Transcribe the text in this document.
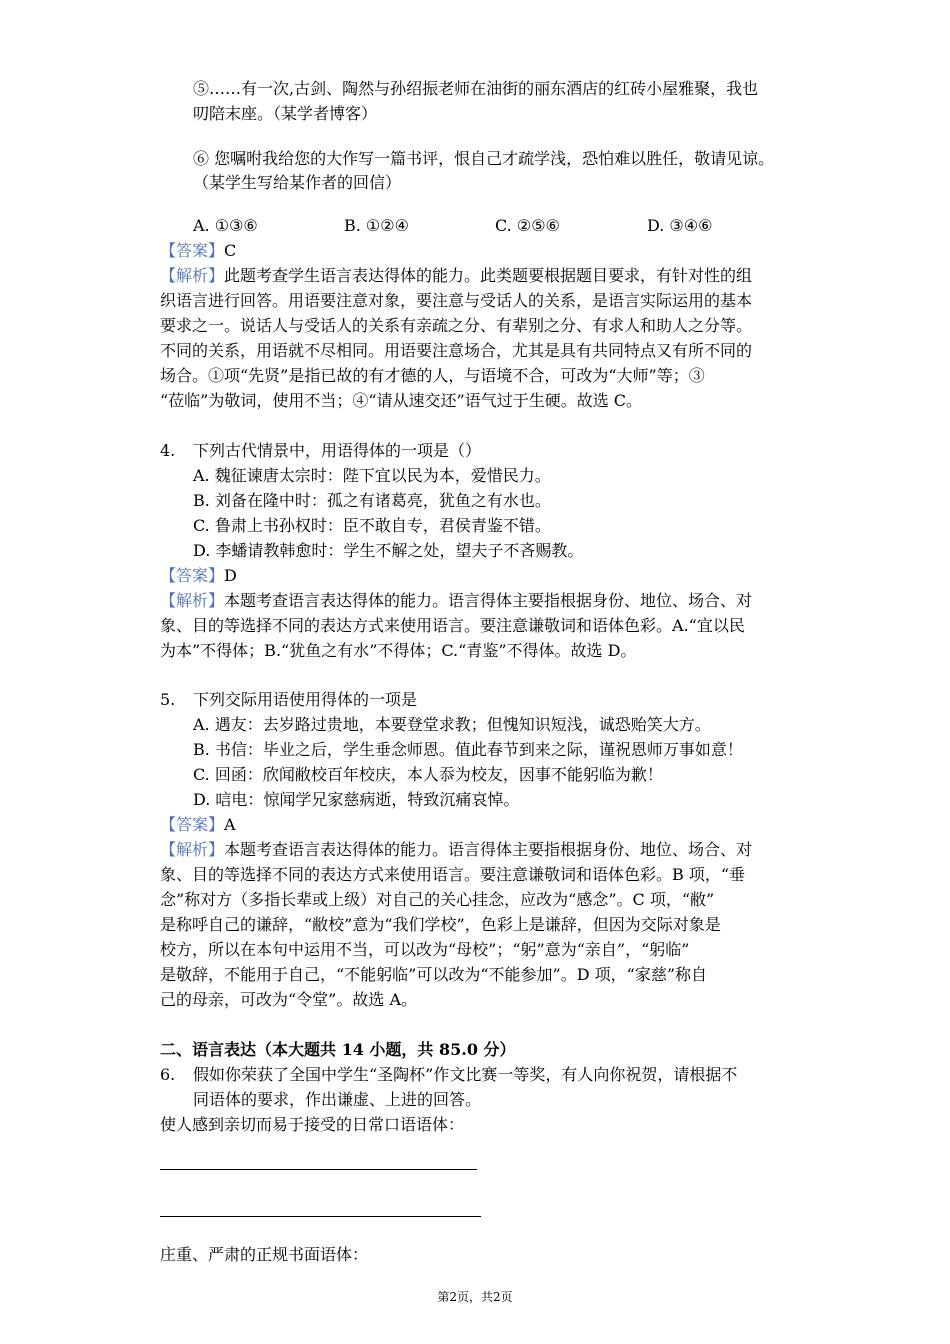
⑤……有一次,古剑、陶然与孙绍振老师在油街的丽东酒店的红砖小屋雅聚，我也
叨陪末座。（某学者博客）
⑥ 您嘱咐我给您的大作写一篇书评，恨自己才疏学浅，恐怕难以胜任，敬请见谅。
（某学生写给某作者的回信）
A. ①③⑥	B. ①②④	C. ②⑤⑥	D. ③④⑥
【答案】C
【解析】此题考查学生语言表达得体的能力。此类题要根据题目要求，有针对性的组
织语言进行回答。用语要注意对象，要注意与受话人的关系，是语言实际运用的基本
要求之一。说话人与受话人的关系有亲疏之分、有辈别之分、有求人和助人之分等。
不同的关系，用语就不尽相同。用语要注意场合，尤其是具有共同特点又有所不同的
场合。①项“先贤”是指已故的有才德的人，与语境不合，可改为“大师”等；③
“莅临”为敬词，使用不当；④“请从速交还”语气过于生硬。故选 C。
4. 下列古代情景中，用语得体的一项是（）
A. 魏征谏唐太宗时：陛下宜以民为本，爱惜民力。
B. 刘备在隆中时：孤之有诸葛亮，犹鱼之有水也。
C. 鲁肃上书孙权时：臣不敢自专，君侯青鉴不错。
D. 李蟠请教韩愈时：学生不解之处，望夫子不吝赐教。
【答案】D
【解析】本题考查语言表达得体的能力。语言得体主要指根据身份、地位、场合、对
象、目的等选择不同的表达方式来使用语言。要注意谦敬词和语体色彩。A.“宜以民
为本”不得体；B.“犹鱼之有水”不得体；C.“青鉴”不得体。故选 D。
5. 下列交际用语使用得体的一项是
A. 遇友：去岁路过贵地，本要登堂求教；但愧知识短浅，诚恐贻笑大方。
B. 书信：毕业之后，学生垂念师恩。值此春节到来之际，谨祝恩师万事如意！
C. 回函：欣闻敝校百年校庆，本人忝为校友，因事不能躬临为歉！
D. 唁电：惊闻学兄家慈病逝，特致沉痛哀悼。
【答案】A
【解析】本题考查语言表达得体的能力。语言得体主要指根据身份、地位、场合、对
象、目的等选择不同的表达方式来使用语言。要注意谦敬词和语体色彩。B 项，“垂
念”称对方（多指长辈或上级）对自己的关心挂念，应改为“感念”。C 项，“敝”
是称呼自己的谦辞，“敝校”意为“我们学校”，色彩上是谦辞，但因为交际对象是
校方，所以在本句中运用不当，可以改为“母校”；“躬”意为“亲自”，“躬临”
是敬辞，不能用于自己，“不能躬临”可以改为“不能参加”。D 项，“家慈”称自
己的母亲，可改为“令堂”。故选 A。
二、语言表达（本大题共 14 小题，共 85.0 分）
6. 假如你荣获了全国中学生“圣陶杯”作文比赛一等奖，有人向你祝贺，请根据不
同语体的要求，作出谦虚、上进的回答。
使人感到亲切而易于接受的日常口语语体：
庄重、严肃的正规书面语体：
第2页，共2页
